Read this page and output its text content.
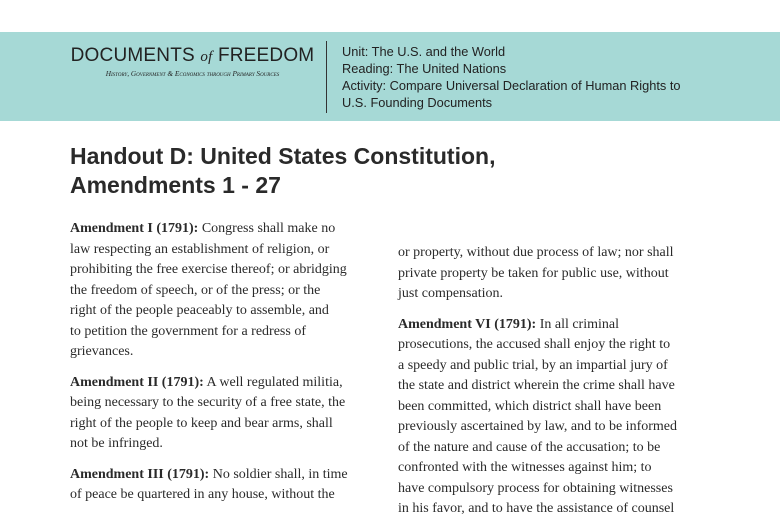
DOCUMENTS of FREEDOM
History, Government & Economics through Primary Sources
Unit: The U.S. and the World
Reading: The United Nations
Activity: Compare Universal Declaration of Human Rights to
U.S. Founding Documents
Handout D: United States Constitution,
Amendments 1 - 27

Amendment I (1791): Congress shall make no
law respecting an establishment of religion, or
prohibiting the free exercise thereof; or abridging
the freedom of speech, or of the press; or the
right of the people peaceably to assemble, and
to petition the government for a redress of
grievances.

Amendment II (1791): A well regulated militia,
being necessary to the security of a free state, the
right of the people to keep and bear arms, shall
not be infringed.

Amendment III (1791): No soldier shall, in time
of peace be quartered in any house, without the

or property, without due process of law; nor shall
private property be taken for public use, without
just compensation.

Amendment VI (1791): In all criminal
prosecutions, the accused shall enjoy the right to
a speedy and public trial, by an impartial jury of
the state and district wherein the crime shall have
been committed, which district shall have been
previously ascertained by law, and to be informed
of the nature and cause of the accusation; to be
confronted with the witnesses against him; to
have compulsory process for obtaining witnesses
in his favor, and to have the assistance of counsel
